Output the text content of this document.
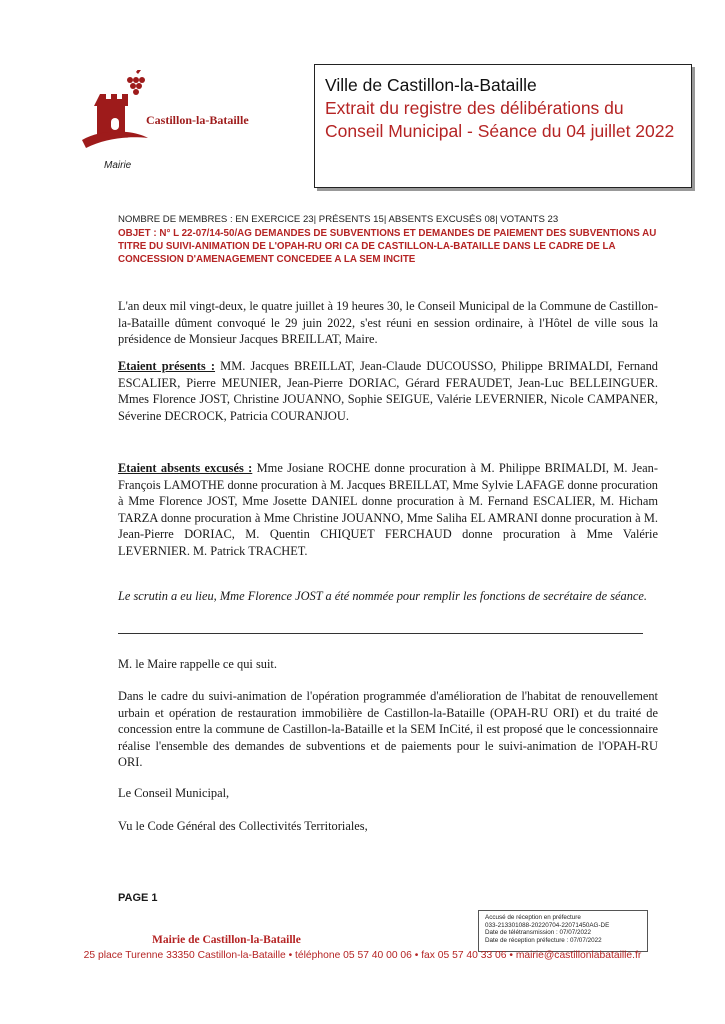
Castillon-la-Bataille
Mairie
Ville de Castillon-la-Bataille
Extrait du registre des délibérations du Conseil Municipal - Séance du 04 juillet 2022
NOMBRE DE MEMBRES : EN EXERCICE 23| PRÉSENTS 15| ABSENTS EXCUSÉS 08| VOTANTS 23
OBJET : N° L 22-07/14-50/AG DEMANDES DE SUBVENTIONS ET DEMANDES DE PAIEMENT DES SUBVENTIONS AU TITRE DU SUIVI-ANIMATION DE L'OPAH-RU ORI CA DE CASTILLON-LA-BATAILLE DANS LE CADRE DE LA CONCESSION D'AMENAGEMENT CONCEDEE A LA SEM INCITE

L'an deux mil vingt-deux, le quatre juillet à 19 heures 30, le Conseil Municipal de la Commune de Castillon-la-Bataille dûment convoqué le 29 juin 2022, s'est réuni en session ordinaire, à l'Hôtel de ville sous la présidence de Monsieur Jacques BREILLAT, Maire.

Etaient présents : MM. Jacques BREILLAT, Jean-Claude DUCOUSSO, Philippe BRIMALDI, Fernand ESCALIER, Pierre MEUNIER, Jean-Pierre DORIAC, Gérard FERAUDET, Jean-Luc BELLEINGUER. Mmes Florence JOST, Christine JOUANNO, Sophie SEIGUE, Valérie LEVERNIER, Nicole CAMPANER, Séverine DECROCK, Patricia COURANJOU.

Etaient absents excusés : Mme Josiane ROCHE donne procuration à M. Philippe BRIMALDI, M. Jean-François LAMOTHE donne procuration à M. Jacques BREILLAT, Mme Sylvie LAFAGE donne procuration à Mme Florence JOST, Mme Josette DANIEL donne procuration à M. Fernand ESCALIER, M. Hicham TARZA donne procuration à Mme Christine JOUANNO, Mme Saliha EL AMRANI donne procuration à M. Jean-Pierre DORIAC, M. Quentin CHIQUET FERCHAUD donne procuration à Mme Valérie LEVERNIER. M. Patrick TRACHET.

Le scrutin a eu lieu, Mme Florence JOST a été nommée pour remplir les fonctions de secrétaire de séance.

M. le Maire rappelle ce qui suit.

Dans le cadre du suivi-animation de l'opération programmée d'amélioration de l'habitat de renouvellement urbain et opération de restauration immobilière de Castillon-la-Bataille (OPAH-RU ORI) et du traité de concession entre la commune de Castillon-la-Bataille et la SEM InCité, il est proposé que le concessionnaire réalise l'ensemble des demandes de subventions et de paiements pour le suivi-animation de l'OPAH-RU ORI.

Le Conseil Municipal,

Vu le Code Général des Collectivités Territoriales,

PAGE 1
Accusé de réception en préfecture
033-213301088-20220704-22071450AG-DE
Date de télétransmission : 07/07/2022
Date de réception préfecture : 07/07/2022
Mairie de Castillon-la-Bataille
25 place Turenne 33350 Castillon-la-Bataille • téléphone 05 57 40 00 06 • fax 05 57 40 33 06 • mairie@castillonlabataille.fr
